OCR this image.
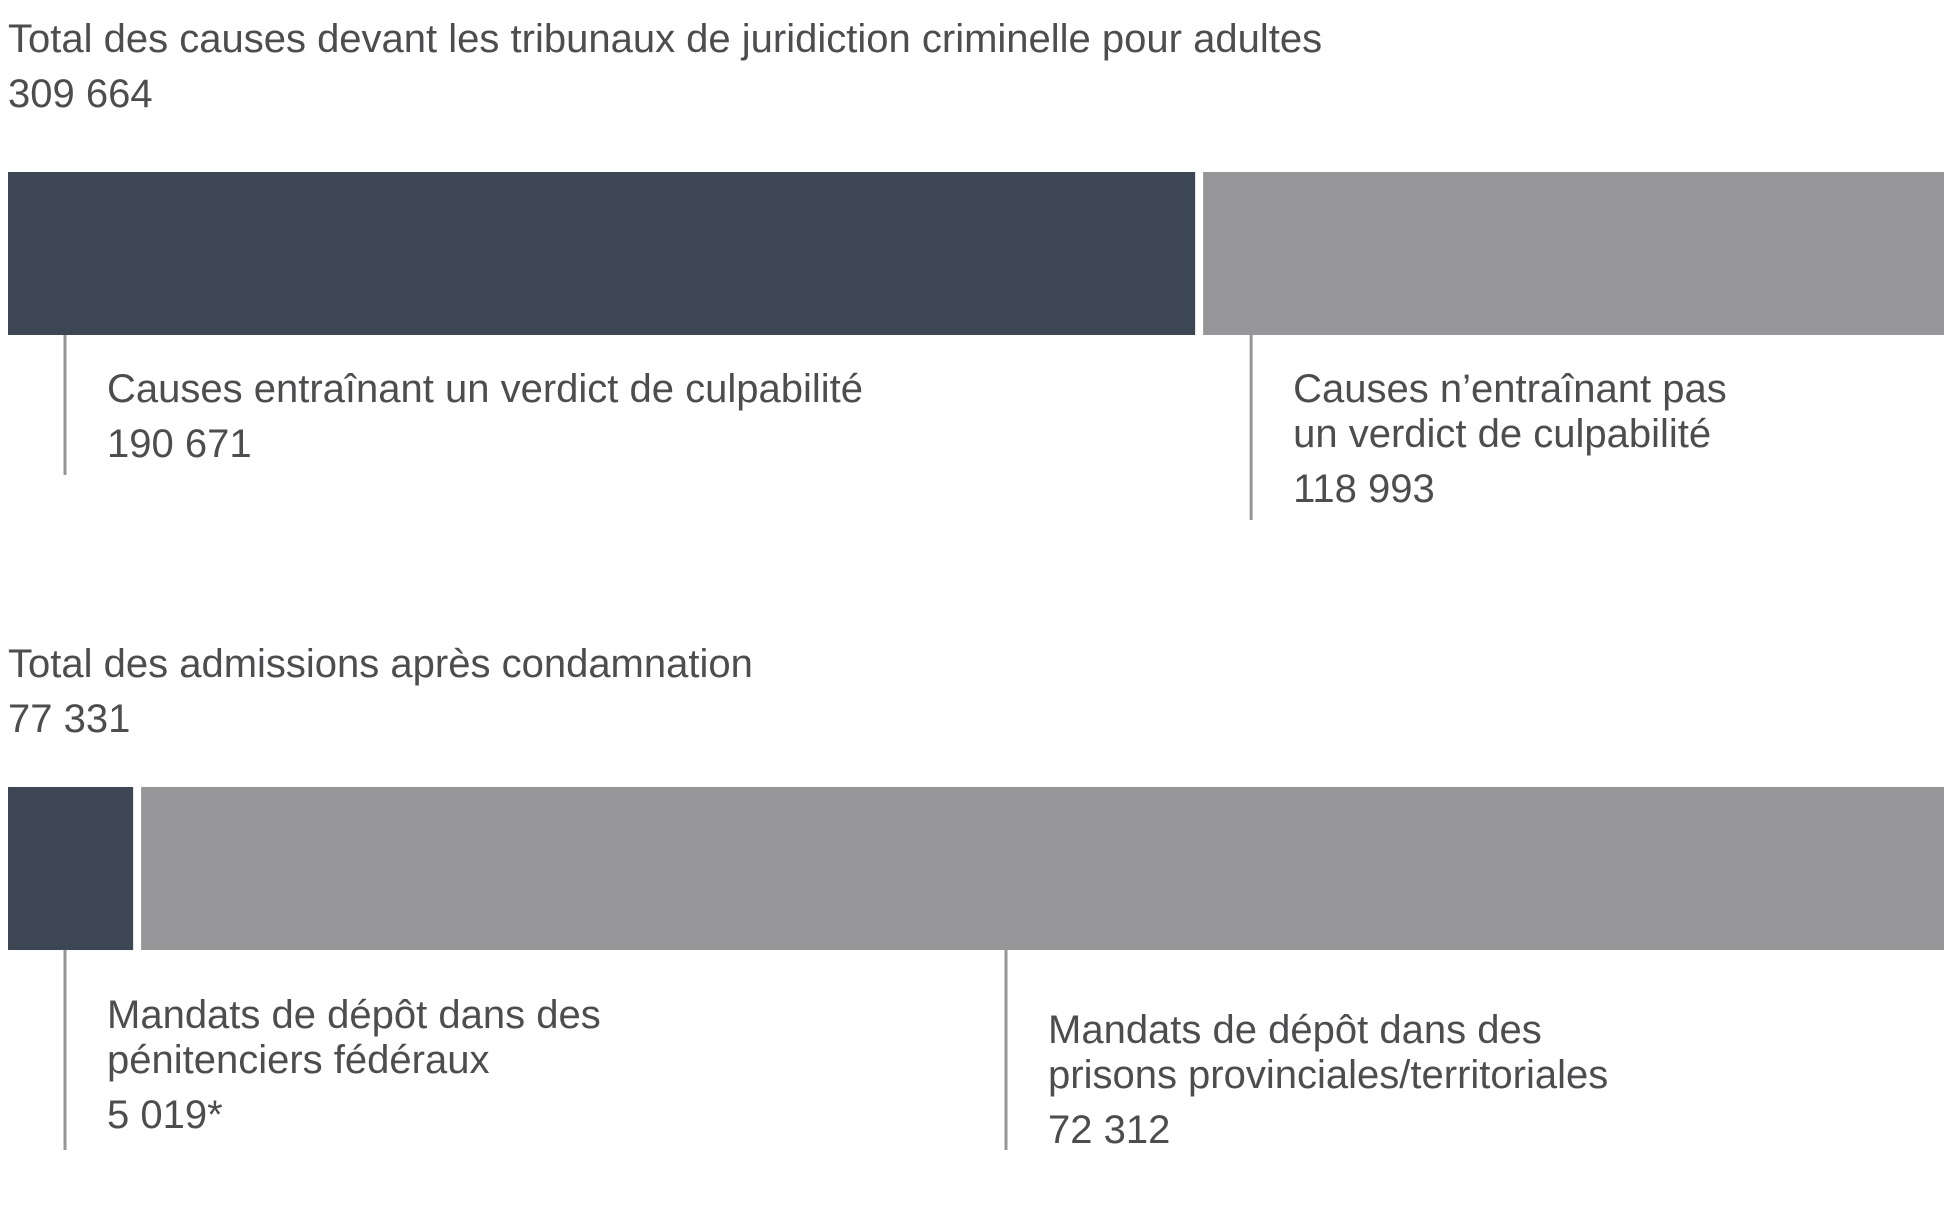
Total des causes devant les tribunaux de juridiction criminelle pour adultes
309 664
Causes entraînant un verdict de culpabilité
190 671
Causes n’entraînant pas
un verdict de culpabilité
118 993
Total des admissions après condamnation
77 331
Mandats de dépôt dans des
pénitenciers fédéraux
5 019*
Mandats de dépôt dans des
prisons provinciales/territoriales
72 312
